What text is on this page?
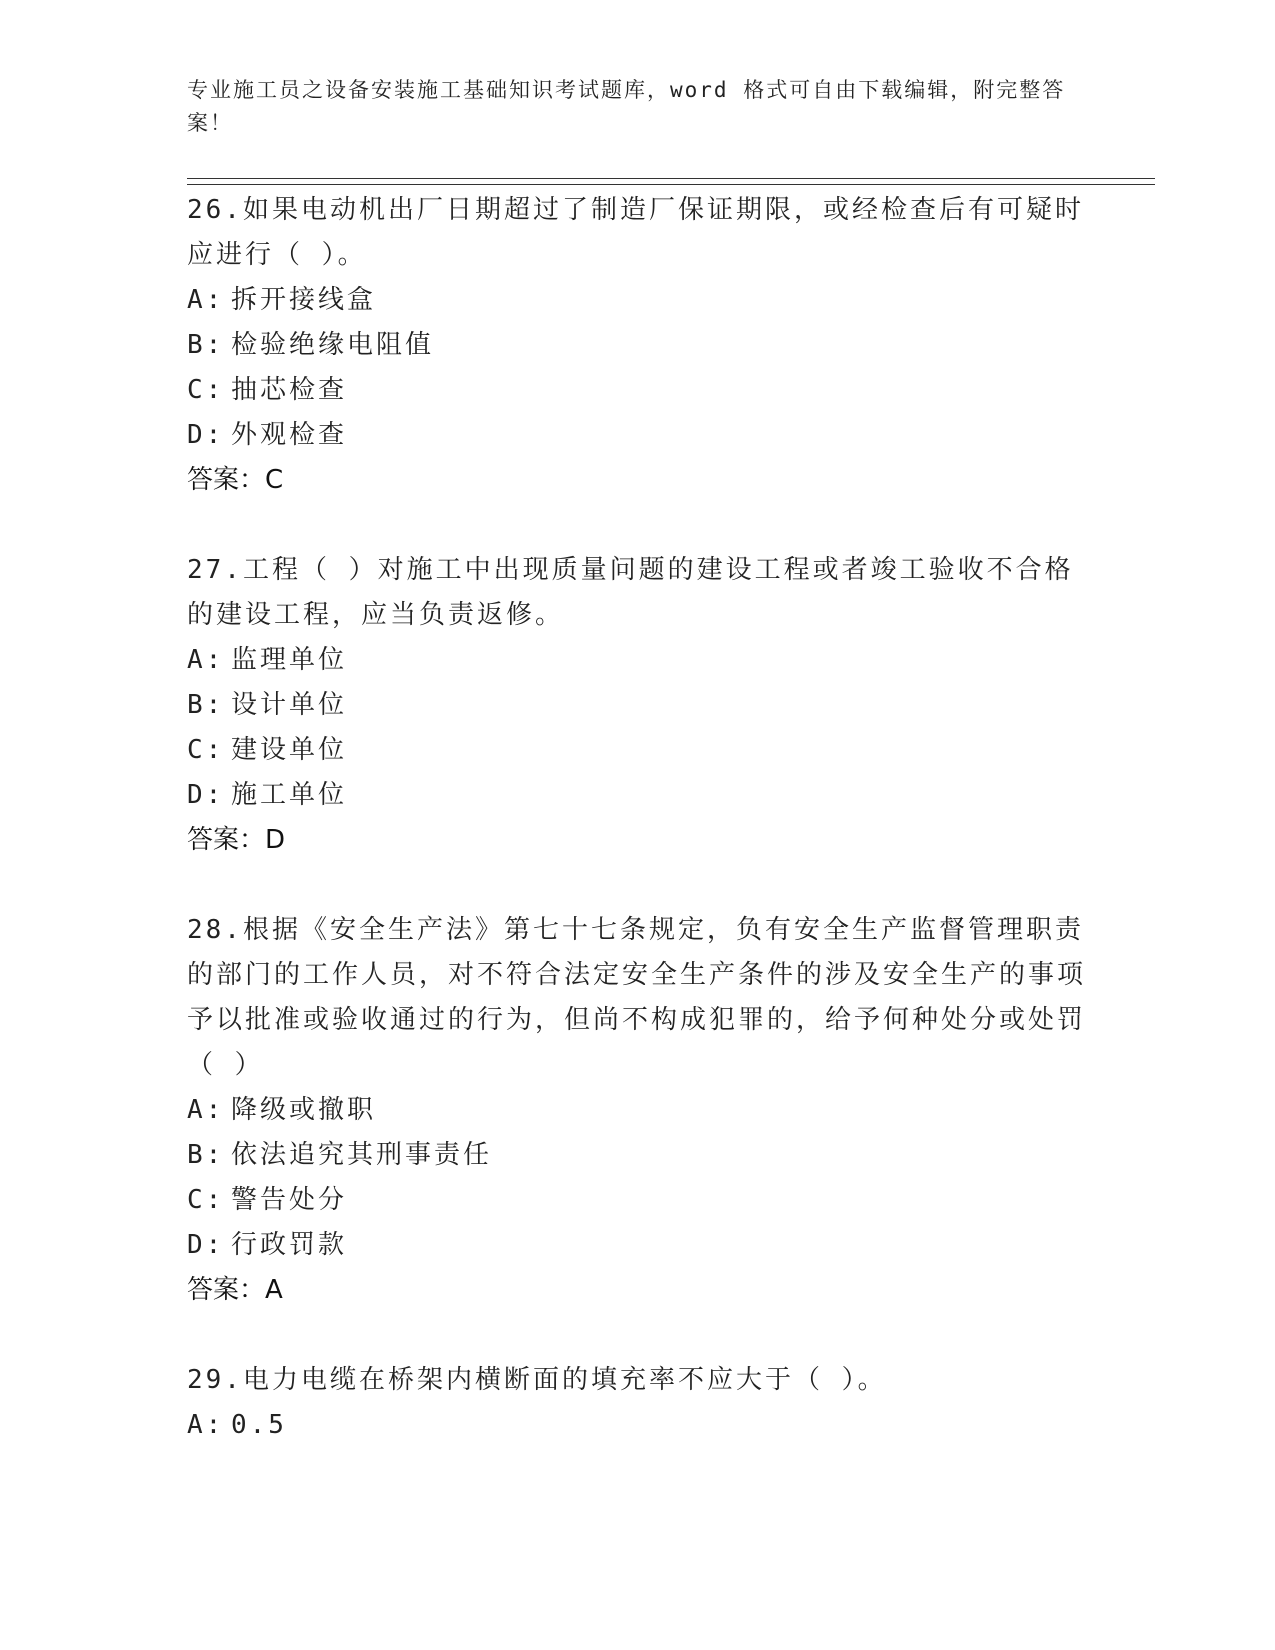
专业施工员之设备安装施工基础知识考试题库，word 格式可自由下载编辑，附完整答案！

26.如果电动机出厂日期超过了制造厂保证期限，或经检查后有可疑时应进行（ ）。

A: 拆开接线盒

B: 检验绝缘电阻值

C: 抽芯检查

D: 外观检查

答案：C

27.工程（ ）对施工中出现质量问题的建设工程或者竣工验收不合格的建设工程，应当负责返修。

A: 监理单位

B: 设计单位

C: 建设单位

D: 施工单位

答案：D

28.根据《安全生产法》第七十七条规定，负有安全生产监督管理职责的部门的工作人员，对不符合法定安全生产条件的涉及安全生产的事项予以批准或验收通过的行为，但尚不构成犯罪的，给予何种处分或处罚（ ）

A: 降级或撤职

B: 依法追究其刑事责任

C: 警告处分

D: 行政罚款

答案：A

29.电力电缆在桥架内横断面的填充率不应大于（ ）。

A: 0.5
